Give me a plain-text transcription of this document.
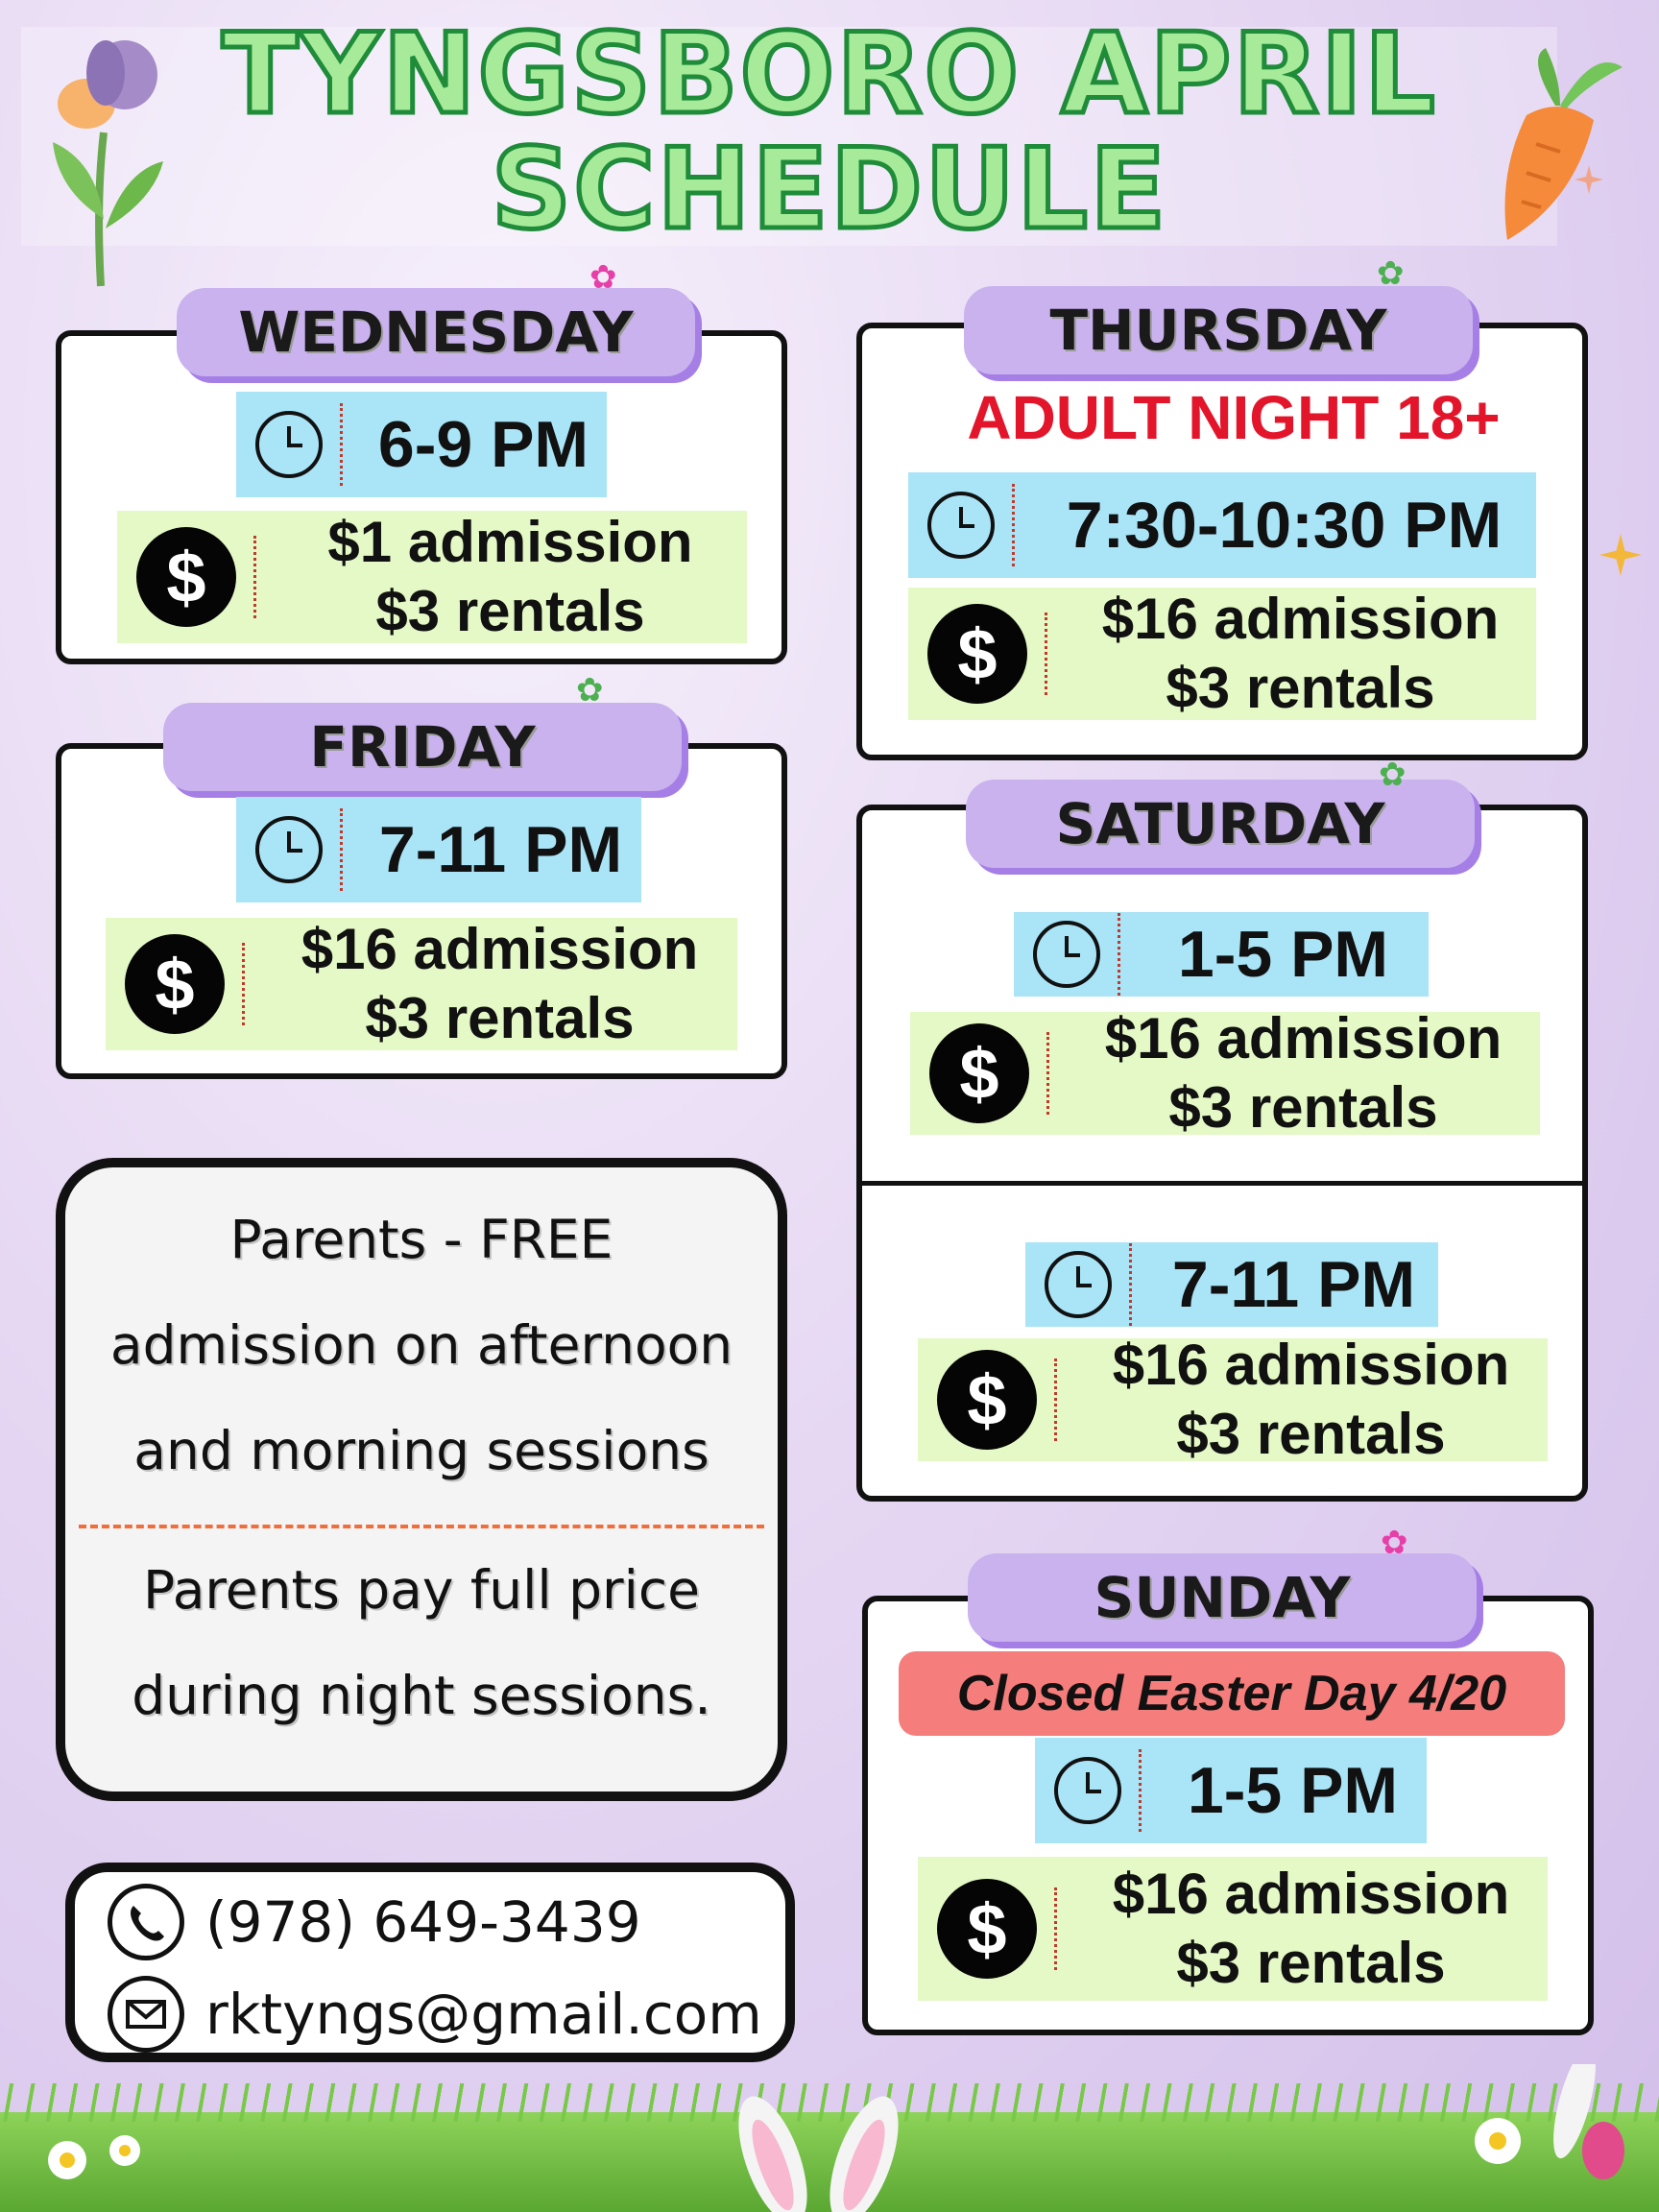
TYNGSBORO APRIL
SCHEDULE
WEDNESDAY
✿
6-9 PM
$	$1 admission
$3 rentals
THURSDAY
✿
ADULT NIGHT 18+
7:30-10:30 PM
$	$16 admission
$3 rentals
FRIDAY
✿
7-11 PM
$	$16 admission
$3 rentals
SATURDAY
✿
1-5 PM
$	$16 admission
$3 rentals
7-11 PM
$	$16 admission
$3 rentals
SUNDAY
✿
Closed Easter Day 4/20
1-5 PM
$	$16 admission
$3 rentals

Parents - FREE

admission on afternoon

and morning sessions

Parents pay full price

during night sessions.

(978) 649-3439
rktyngs@gmail.com
